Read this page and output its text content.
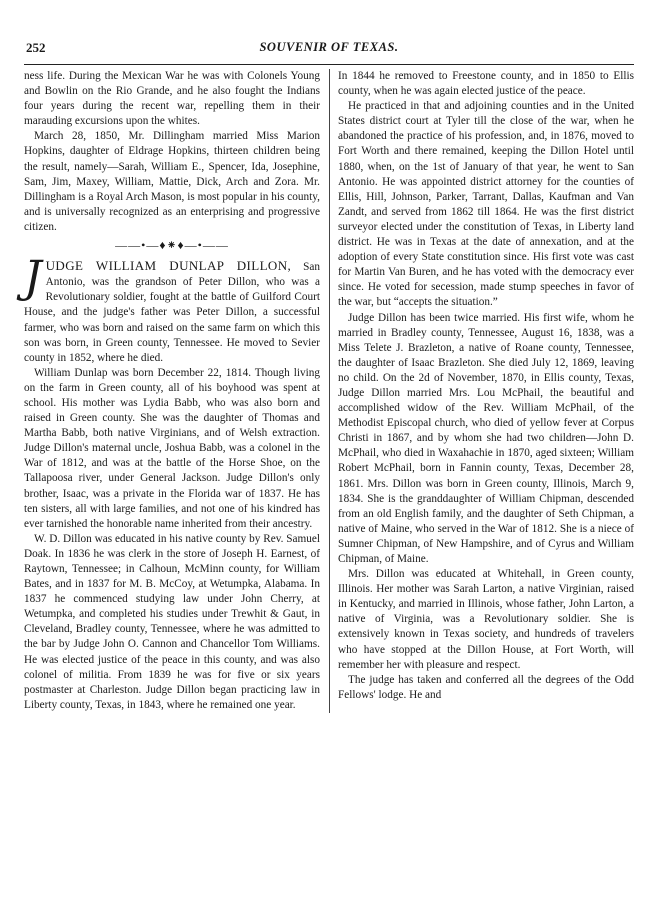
252	SOUVENIR OF TEXAS.

ness life. During the Mexican War he was with Colonels Young and Bowlin on the Rio Grande, and he also fought the Indians four years during the recent war, repelling them in their marauding excursions upon the whites.

March 28, 1850, Mr. Dillingham married Miss Marion Hopkins, daughter of Eldrage Hopkins, thirteen children being the result, namely—Sarah, William E., Spencer, Ida, Josephine, Sam, Jim, Maxey, William, Mattie, Dick, Arch and Zora. Mr. Dillingham is a Royal Arch Mason, is most popular in his county, and is universally recognized as an enterprising and progressive citizen.

——•—♦⁕♦—•——
J UDGE WILLIAM DUNLAP DILLON, San Antonio, was the grandson of Peter Dillon, who was a Revolutionary soldier, fought at the battle of Guilford Court House, and the judge's father was Peter Dillon, a successful farmer, who was born and raised on the same farm on which this son was born, in Green county, Tennessee. He moved to Sevier county in 1852, where he died.

William Dunlap was born December 22, 1814. Though living on the farm in Green county, all of his boyhood was spent at school. His mother was Lydia Babb, who was also born and raised in Green county. She was the daughter of Thomas and Martha Babb, both native Virginians, and of Welsh extraction. Judge Dillon's maternal uncle, Joshua Babb, was a colonel in the War of 1812, and was at the battle of the Horse Shoe, on the Tallapoosa river, under General Jackson. Judge Dillon's only brother, Isaac, was a private in the Florida war of 1837. He has ten sisters, all with large families, and not one of his kindred has ever tarnished the honorable name inherited from their ancestry.

W. D. Dillon was educated in his native county by Rev. Samuel Doak. In 1836 he was clerk in the store of Joseph H. Earnest, of Raytown, Tennessee; in Calhoun, McMinn county, for William Bates, and in 1837 for M. B. McCoy, at Wetumpka, Alabama. In 1837 he commenced studying law under John Cherry, at Wetumpka, and completed his studies under Trewhit & Gaut, in Cleveland, Bradley county, Tennessee, where he was admitted to the bar by Judge John O. Cannon and Chancellor Tom Williams. He was elected justice of the peace in this county, and was also colonel of militia. From 1839 he was for five or six years postmaster at Charleston. Judge Dillon began practicing law in Liberty county, Texas, in 1843, where he remained one year.

In 1844 he removed to Freestone county, and in 1850 to Ellis county, when he was again elected justice of the peace.

He practiced in that and adjoining counties and in the United States district court at Tyler till the close of the war, when he abandoned the practice of his profession, and, in 1876, moved to Fort Worth and there remained, keeping the Dillon Hotel until 1880, when, on the 1st of January of that year, he went to San Antonio. He was appointed district attorney for the counties of Ellis, Hill, Johnson, Parker, Tarrant, Dallas, Kaufman and Van Zandt, and served from 1862 till 1864. He was the first district surveyor elected under the constitution of Texas, in Liberty land district. He was in Texas at the date of annexation, and at the adoption of every State constitution since. His first vote was cast for Martin Van Buren, and he has voted with the democracy ever since. He voted for secession, made stump speeches in favor of the war, but “accepts the situation.”

Judge Dillon has been twice married. His first wife, whom he married in Bradley county, Tennessee, August 16, 1838, was a Miss Telete J. Brazleton, a native of Roane county, Tennessee, the daughter of Isaac Brazleton. She died July 12, 1869, leaving no child. On the 2d of November, 1870, in Ellis county, Texas, Judge Dillon married Mrs. Lou McPhail, the beautiful and accomplished widow of the Rev. William McPhail, of the Methodist Episcopal church, who died of yellow fever at Corpus Christi in 1867, and by whom she had two children—John D. McPhail, who died in Waxahachie in 1870, aged sixteen; William Robert McPhail, born in Fannin county, Texas, December 28, 1861. Mrs. Dillon was born in Green county, Illinois, March 9, 1834. She is the granddaughter of William Chipman, descended from an old English family, and the daughter of Seth Chipman, a native of Maine, who served in the War of 1812. She is a niece of Sumner Chipman, of New Hampshire, and of Cyrus and William Chipman, of Maine.

Mrs. Dillon was educated at Whitehall, in Green county, Illinois. Her mother was Sarah Larton, a native Virginian, raised in Kentucky, and married in Illinois, whose father, John Larton, a native of Virginia, was a Revolutionary soldier. She is extensively known in Texas society, and hundreds of travelers who have stopped at the Dillon House, at Fort Worth, will remember her with pleasure and respect.

The judge has taken and conferred all the degrees of the Odd Fellows' lodge. He and
